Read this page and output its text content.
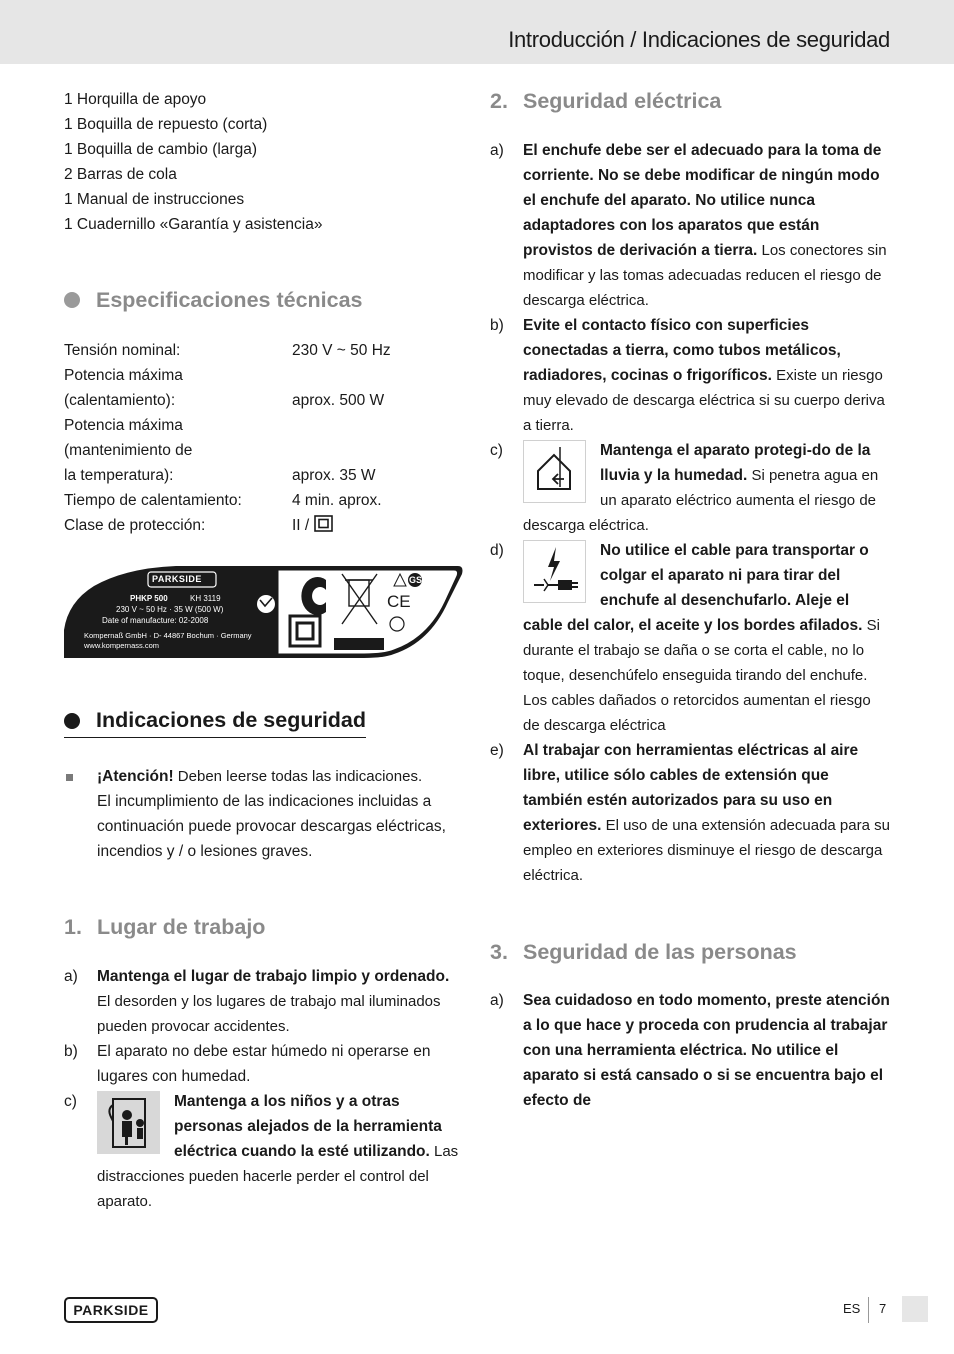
Introducción / Indicaciones de seguridad
1 Horquilla de apoyo
1 Boquilla de repuesto (corta)
1 Boquilla de cambio (larga)
2 Barras de cola
1 Manual de instrucciones
1 Cuadernillo «Garantía y asistencia»
Especificaciones técnicas
Tensión nominal:	230 V ~ 50 Hz
Potencia máxima
(calentamiento):	aprox. 500 W
Potencia máxima
(mantenimiento de
la temperatura):	aprox. 35 W
Tiempo de calentamiento:	4 min. aprox.
Clase de protección:	II /
PARKSIDE
PHKP 500	KH 3119
230 V ~ 50 Hz · 35 W (500 W)
Date of manufacture: 02-2008
Kompernaß GmbH · D- 44867 Bochum · Germany
www.kompernass.com
CE
GS
Indicaciones de seguridad
¡Atención! Deben leerse todas las indicaciones.
El incumplimiento de las indicaciones incluidas a continuación puede provocar descargas eléctricas, incendios y / o lesiones graves.
1. Lugar de trabajo
a)	Mantenga el lugar de trabajo limpio y ordenado. El desorden y los lugares de trabajo mal iluminados pueden provocar accidentes.
b)	El aparato no debe estar húmedo ni operarse en lugares con humedad.
c)	Mantenga a los niños y a otras personas alejados de la herramienta eléctrica cuando la esté utilizando. Las distracciones pueden hacerle perder el control del aparato.
2. Seguridad eléctrica
a)	El enchufe debe ser el adecuado para la toma de corriente. No se debe modificar de ningún modo el enchufe del aparato. No utilice nunca adaptadores con los aparatos que están provistos de derivación a tierra. Los conectores sin modificar y las tomas adecuadas reducen el riesgo de descarga eléctrica.
b)	Evite el contacto físico con superficies conectadas a tierra, como tubos metálicos, radiadores, cocinas o frigoríficos. Existe un riesgo muy elevado de descarga eléctrica si su cuerpo deriva a tierra.
c)	Mantenga el aparato protegi-do de la lluvia y la humedad. Si penetra agua en un aparato eléctrico aumenta el riesgo de descarga eléctrica.
d)	No utilice el cable para transportar o colgar el aparato ni para tirar del enchufe al desenchufarlo. Aleje el cable del calor, el aceite y los bordes afilados. Si durante el trabajo se daña o se corta el cable, no lo toque, desenchúfelo enseguida tirando del enchufe. Los cables dañados o retorcidos aumentan el riesgo de descarga eléctrica
e)	Al trabajar con herramientas eléctricas al aire libre, utilice sólo cables de extensión que también estén autorizados para su uso en exteriores. El uso de una extensión adecuada para su empleo en exteriores disminuye el riesgo de descarga eléctrica.
3. Seguridad de las personas
a)	Sea cuidadoso en todo momento, preste atención a lo que hace y proceda con prudencia al trabajar con una herramienta eléctrica. No utilice el aparato si está cansado o si se encuentra bajo el efecto de
PARKSIDE	ES 7
